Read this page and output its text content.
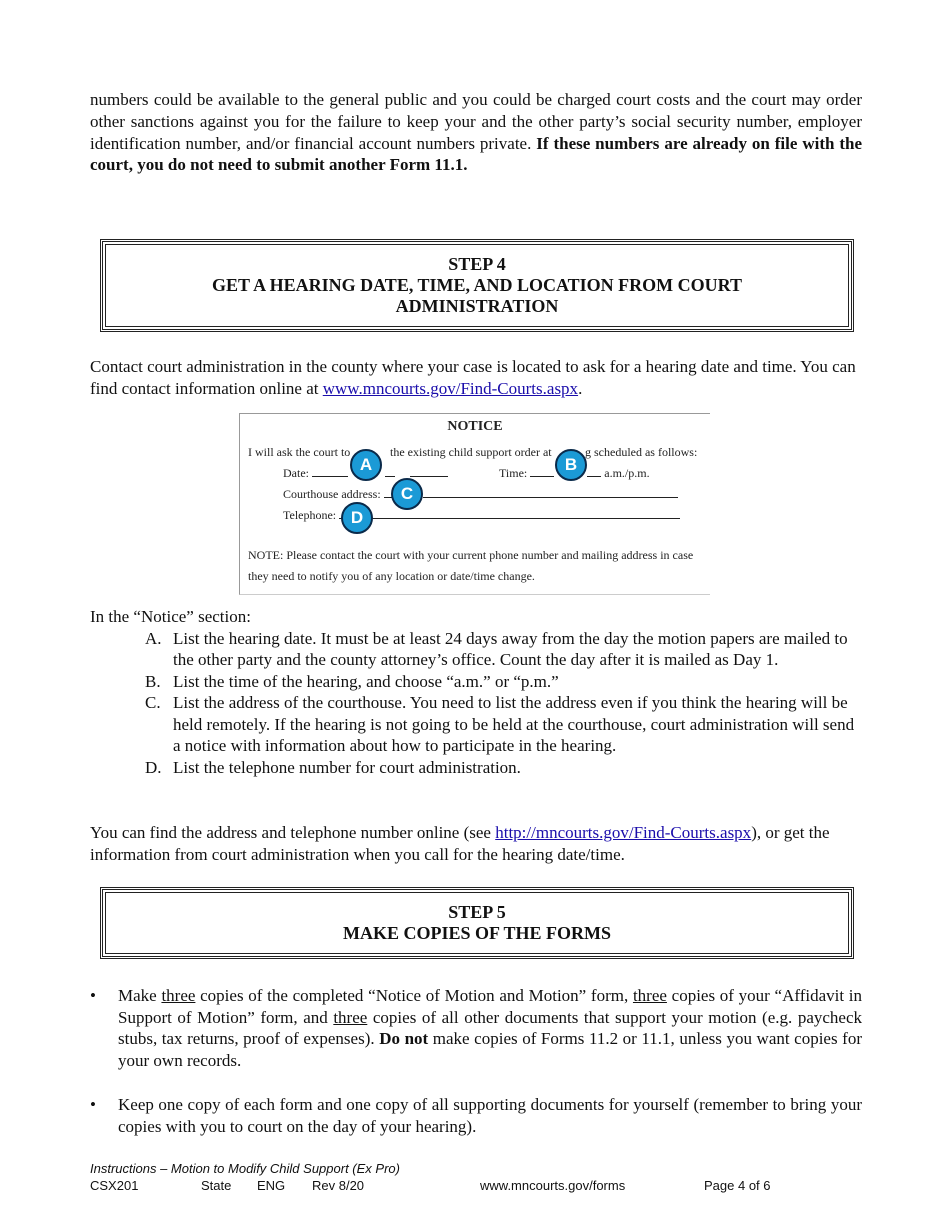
numbers could be available to the general public and you could be charged court costs and the court may order other sanctions against you for the failure to keep your and the other party’s social security number, employer identification number, and/or financial account numbers private. If these numbers are already on file with the court, you do not need to submit another Form 11.1.
STEP 4
GET A HEARING DATE, TIME, AND LOCATION FROM COURT ADMINISTRATION
Contact court administration in the county where your case is located to ask for a hearing date and time. You can find contact information online at www.mncourts.gov/Find-Courts.aspx.
NOTICE
I will ask the court to	the existing child support order at	g scheduled as follows:
Date:	Time:	a.m./p.m.
Courthouse address:
Telephone:
NOTE: Please contact the court with your current phone number and mailing address in case
they need to notify you of any location or date/time change.
A	B
C
D
In the “Notice” section:
A. List the hearing date. It must be at least 24 days away from the day the motion papers are mailed to the other party and the county attorney’s office. Count the day after it is mailed as Day 1.
B. List the time of the hearing, and choose “a.m.” or “p.m.”
C. List the address of the courthouse. You need to list the address even if you think the hearing will be held remotely. If the hearing is not going to be held at the courthouse, court administration will send a notice with information about how to participate in the hearing.
D. List the telephone number for court administration.
You can find the address and telephone number online (see http://mncourts.gov/Find-Courts.aspx), or get the information from court administration when you call for the hearing date/time.
STEP 5
MAKE COPIES OF THE FORMS
• Make three copies of the completed “Notice of Motion and Motion” form, three copies of your “Affidavit in Support of Motion” form, and three copies of all other documents that support your motion (e.g. paycheck stubs, tax returns, proof of expenses). Do not make copies of Forms 11.2 or 11.1, unless you want copies for your own records.
• Keep one copy of each form and one copy of all supporting documents for yourself (remember to bring your copies with you to court on the day of your hearing).
Instructions – Motion to Modify Child Support (Ex Pro)
CSX201	State ENG Rev 8/20	www.mncourts.gov/forms	Page 4 of 6
